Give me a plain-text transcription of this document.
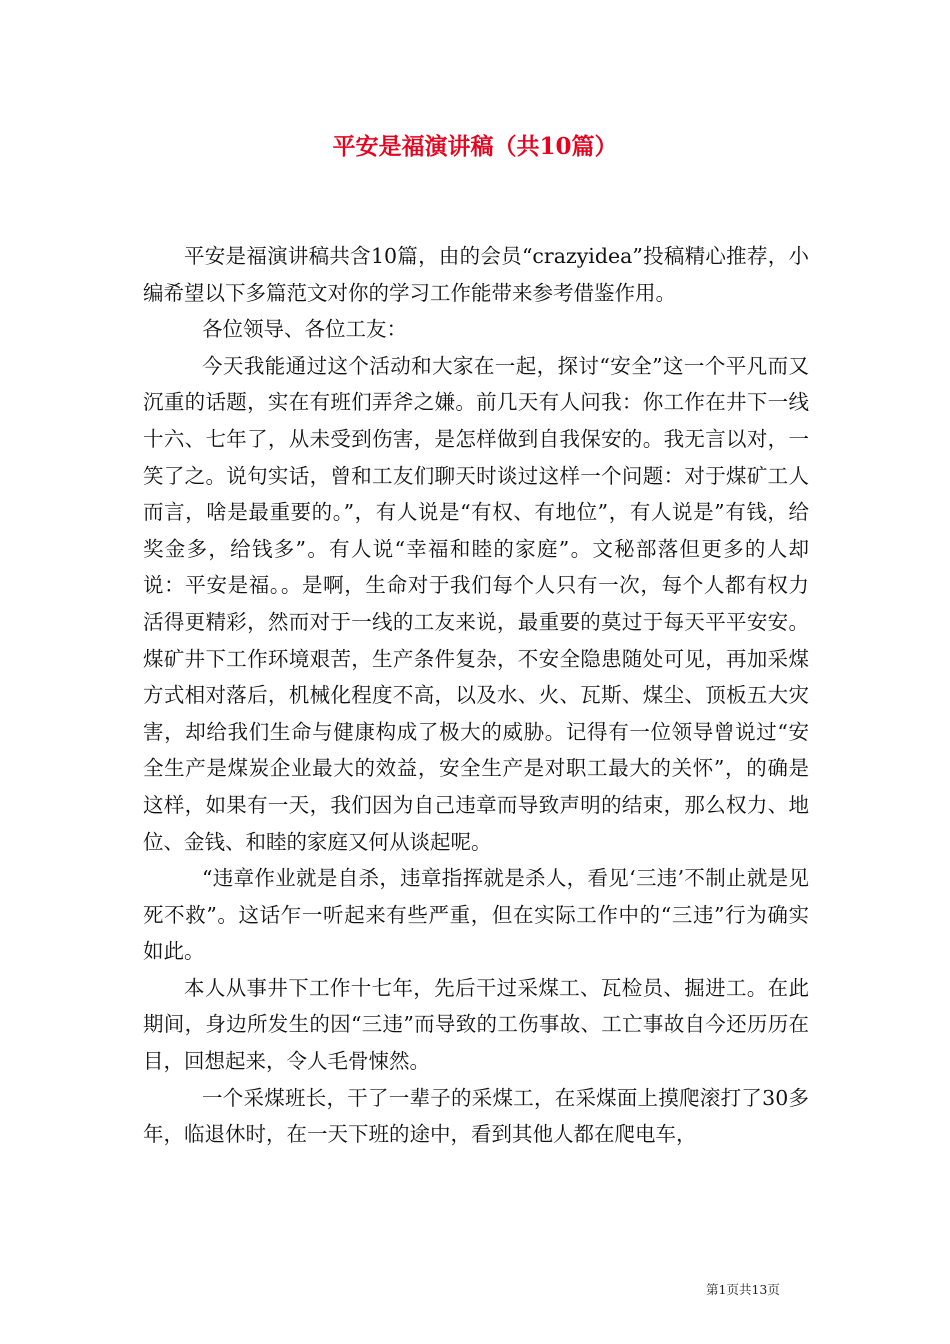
平安是福演讲稿（共10篇）

平安是福演讲稿共含10篇，由的会员“crazyidea”投稿精心推荐，小编希望以下多篇范文对你的学习工作能带来参考借鉴作用。

各位领导、各位工友：

今天我能通过这个活动和大家在一起，探讨“安全”这一个平凡而又沉重的话题，实在有班们弄斧之嫌。前几天有人问我：你工作在井下一线十六、七年了，从未受到伤害，是怎样做到自我保安的。我无言以对，一笑了之。说句实话，曾和工友们聊天时谈过这样一个问题：对于煤矿工人而言，啥是最重要的。”，有人说是“有权、有地位”，有人说是”有钱，给奖金多，给钱多”。有人说“幸福和睦的家庭”。文秘部落但更多的人却说：平安是福。。是啊，生命对于我们每个人只有一次，每个人都有权力活得更精彩，然而对于一线的工友来说，最重要的莫过于每天平平安安。煤矿井下工作环境艰苦，生产条件复杂，不安全隐患随处可见，再加采煤方式相对落后，机械化程度不高，以及水、火、瓦斯、煤尘、顶板五大灾害，却给我们生命与健康构成了极大的威胁。记得有一位领导曾说过“安全生产是煤炭企业最大的效益，安全生产是对职工最大的关怀”，的确是这样，如果有一天，我们因为自己违章而导致声明的结束，那么权力、地位、金钱、和睦的家庭又何从谈起呢。

“违章作业就是自杀，违章指挥就是杀人，看见‘三违’不制止就是见死不救”。这话乍一听起来有些严重，但在实际工作中的“三违”行为确实如此。

本人从事井下工作十七年，先后干过采煤工、瓦检员、掘进工。在此期间，身边所发生的因“三违”而导致的工伤事故、工亡事故自今还历历在目，回想起来，令人毛骨悚然。

一个采煤班长，干了一辈子的采煤工，在采煤面上摸爬滚打了30多年，临退休时，在一天下班的途中，看到其他人都在爬电车，

第1页共13页
